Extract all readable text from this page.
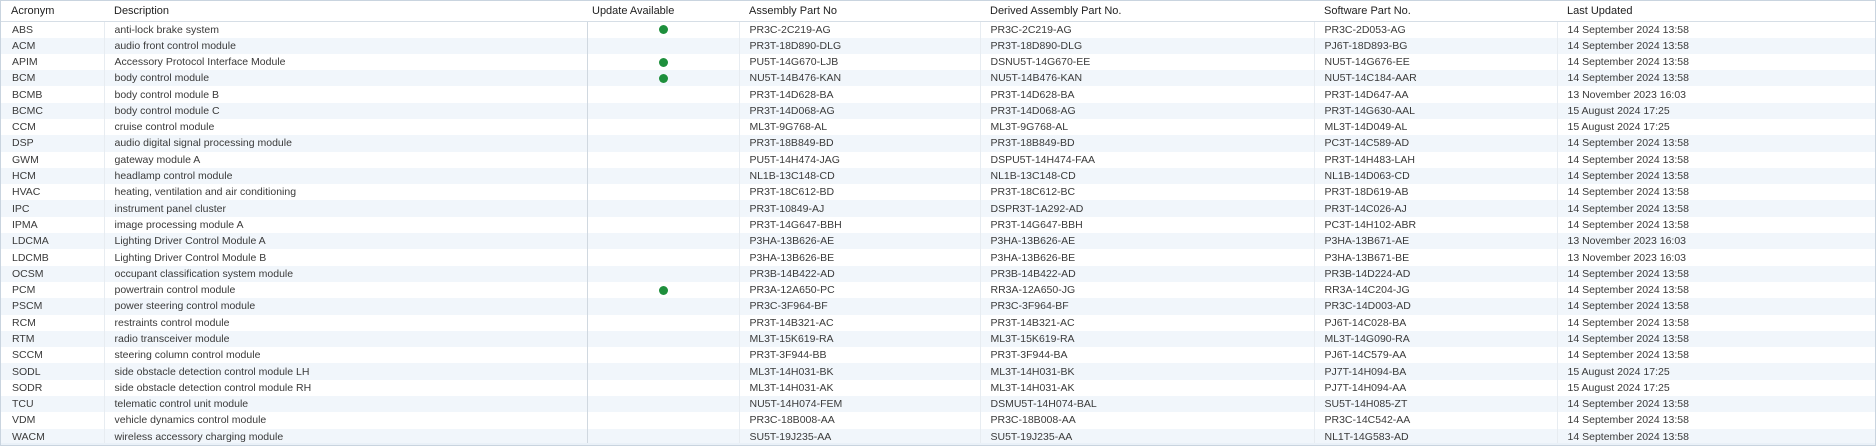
Acronym	Description	Update Available	Assembly Part No	Derived Assembly Part No.	Software Part No.	Last Updated
ABS	anti-lock brake system		PR3C-2C219-AG	PR3C-2C219-AG	PR3C-2D053-AG	14 September 2024 13:58
ACM	audio front control module		PR3T-18D890-DLG	PR3T-18D890-DLG	PJ6T-18D893-BG	14 September 2024 13:58
APIM	Accessory Protocol Interface Module		PU5T-14G670-LJB	DSNU5T-14G670-EE	NU5T-14G676-EE	14 September 2024 13:58
BCM	body control module		NU5T-14B476-KAN	NU5T-14B476-KAN	NU5T-14C184-AAR	14 September 2024 13:58
BCMB	body control module B		PR3T-14D628-BA	PR3T-14D628-BA	PR3T-14D647-AA	13 November 2023 16:03
BCMC	body control module C		PR3T-14D068-AG	PR3T-14D068-AG	PR3T-14G630-AAL	15 August 2024 17:25
CCM	cruise control module		ML3T-9G768-AL	ML3T-9G768-AL	ML3T-14D049-AL	15 August 2024 17:25
DSP	audio digital signal processing module		PR3T-18B849-BD	PR3T-18B849-BD	PC3T-14C589-AD	14 September 2024 13:58
GWM	gateway module A		PU5T-14H474-JAG	DSPU5T-14H474-FAA	PR3T-14H483-LAH	14 September 2024 13:58
HCM	headlamp control module		NL1B-13C148-CD	NL1B-13C148-CD	NL1B-14D063-CD	14 September 2024 13:58
HVAC	heating, ventilation and air conditioning		PR3T-18C612-BD	PR3T-18C612-BC	PR3T-18D619-AB	14 September 2024 13:58
IPC	instrument panel cluster		PR3T-10849-AJ	DSPR3T-1A292-AD	PR3T-14C026-AJ	14 September 2024 13:58
IPMA	image processing module A		PR3T-14G647-BBH	PR3T-14G647-BBH	PC3T-14H102-ABR	14 September 2024 13:58
LDCMA	Lighting Driver Control Module A		P3HA-13B626-AE	P3HA-13B626-AE	P3HA-13B671-AE	13 November 2023 16:03
LDCMB	Lighting Driver Control Module B		P3HA-13B626-BE	P3HA-13B626-BE	P3HA-13B671-BE	13 November 2023 16:03
OCSM	occupant classification system module		PR3B-14B422-AD	PR3B-14B422-AD	PR3B-14D224-AD	14 September 2024 13:58
PCM	powertrain control module		PR3A-12A650-PC	RR3A-12A650-JG	RR3A-14C204-JG	14 September 2024 13:58
PSCM	power steering control module		PR3C-3F964-BF	PR3C-3F964-BF	PR3C-14D003-AD	14 September 2024 13:58
RCM	restraints control module		PR3T-14B321-AC	PR3T-14B321-AC	PJ6T-14C028-BA	14 September 2024 13:58
RTM	radio transceiver module		ML3T-15K619-RA	ML3T-15K619-RA	ML3T-14G090-RA	14 September 2024 13:58
SCCM	steering column control module		PR3T-3F944-BB	PR3T-3F944-BA	PJ6T-14C579-AA	14 September 2024 13:58
SODL	side obstacle detection control module LH		ML3T-14H031-BK	ML3T-14H031-BK	PJ7T-14H094-BA	15 August 2024 17:25
SODR	side obstacle detection control module RH		ML3T-14H031-AK	ML3T-14H031-AK	PJ7T-14H094-AA	15 August 2024 17:25
TCU	telematic control unit module		NU5T-14H074-FEM	DSMU5T-14H074-BAL	SU5T-14H085-ZT	14 September 2024 13:58
VDM	vehicle dynamics control module		PR3C-18B008-AA	PR3C-18B008-AA	PR3C-14C542-AA	14 September 2024 13:58
WACM	wireless accessory charging module		SU5T-19J235-AA	SU5T-19J235-AA	NL1T-14G583-AD	14 September 2024 13:58
